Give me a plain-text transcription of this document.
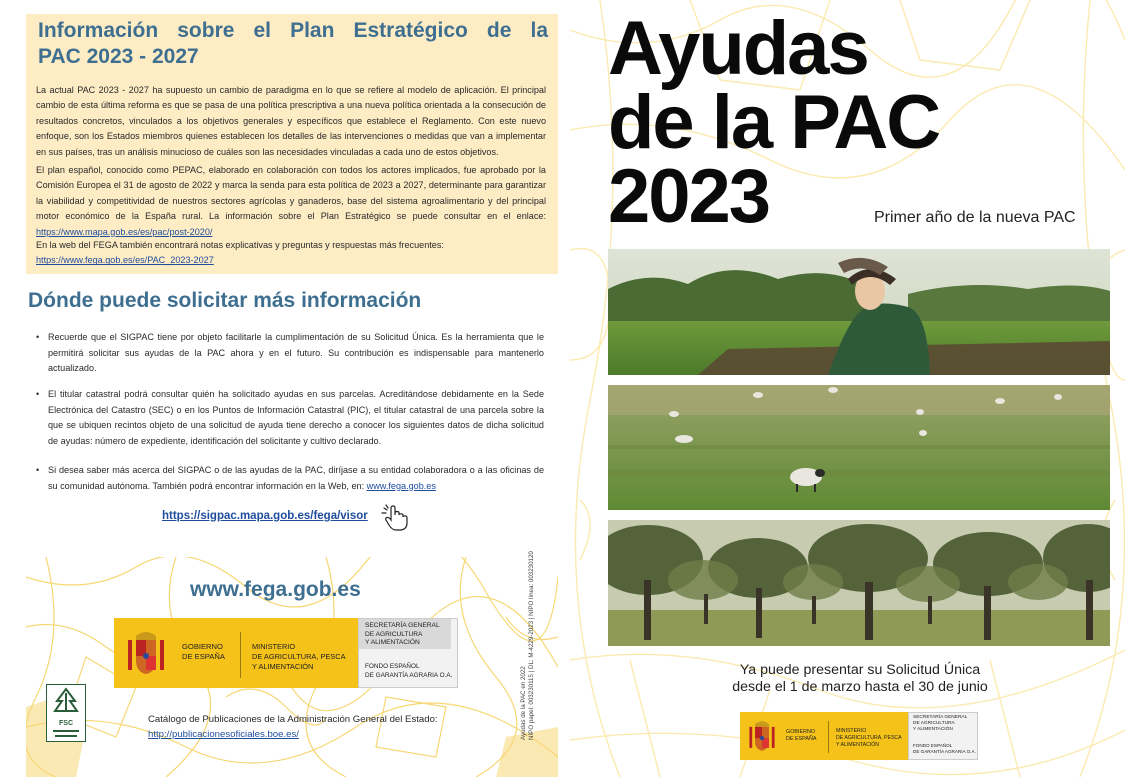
Información sobre el Plan Estratégico de la
PAC 2023 - 2027
La actual PAC 2023 - 2027 ha supuesto un cambio de paradigma en lo que se refiere al modelo de aplicación. El principal cambio de esta última reforma es que se pasa de una política prescriptiva a una nueva política orientada a la consecución de resultados concretos, vinculados a los objetivos generales y específicos que establece el Reglamento. Con este nuevo enfoque, son los Estados miembros quienes establecen los detalles de las intervenciones o medidas que van a implementar en sus países, tras un análisis minucioso de cuáles son las necesidades vinculadas a cada uno de estos objetivos.
El plan español, conocido como PEPAC, elaborado en colaboración con todos los actores implicados, fue aprobado por la Comisión Europea el 31 de agosto de 2022 y marca la senda para esta política de 2023 a 2027, determinante para garantizar la viabilidad y competitividad de nuestros sectores agrícolas y ganaderos, base del sistema agroalimentario y del principal motor económico de la España rural. La información sobre el Plan Estratégico se puede consultar en el enlace: https://www.mapa.gob.es/es/pac/post-2020/
En la web del FEGA también encontrará notas explicativas y preguntas y respuestas más frecuentes:
https://www.fega.gob.es/es/PAC_2023-2027
Dónde puede solicitar más información
• Recuerde que el SIGPAC tiene por objeto facilitarle la cumplimentación de su Solicitud Única. Es la herramienta que le permitirá solicitar sus ayudas de la PAC ahora y en el futuro. Su contribución es indispensable para mantenerlo actualizado.
• El titular catastral podrá consultar quién ha solicitado ayudas en sus parcelas. Acreditándose debidamente en la Sede Electrónica del Catastro (SEC) o en los Puntos de Información Catastral (PIC), el titular catastral de una parcela sobre la que se ubiquen recintos objeto de una solicitud de ayuda tiene derecho a conocer los siguientes datos de dicha solicitud de ayudas: número de expediente, identificación del solicitante y cultivo declarado.
• Si desea saber más acerca del SIGPAC o de las ayudas de la PAC, diríjase a su entidad colaboradora o a las oficinas de su comunidad autónoma. También podrá encontrar información en la Web, en: www.fega.gob.es
https://sigpac.mapa.gob.es/fega/visor
www.fega.gob.es
GOBIERNO
DE ESPAÑA
MINISTERIO
DE AGRICULTURA, PESCA
Y ALIMENTACIÓN
SECRETARÍA GENERAL
DE AGRICULTURA
Y ALIMENTACIÓN
FONDO ESPAÑOL
DE GARANTÍA AGRARIA O.A.
FSC	Catálogo de Publicaciones de la Administración General del Estado:
http://publicacionesoficiales.boe.es/	Ayudas de la PAC en 2022 NIPO papel: 003230115 | DL: M-4229-2023 | NIPO línea: 003230120
Ayudas
de la PAC
2023	Primer año de la nueva PAC
Ya puede presentar su Solicitud Única
desde el 1 de marzo hasta el 30 de junio
GOBIERNO
DE ESPAÑA
MINISTERIO
DE AGRICULTURA, PESCA
Y ALIMENTACIÓN
SECRETARÍA GENERAL
DE AGRICULTURA
Y ALIMENTACIÓN
FONDO ESPAÑOL
DE GARANTÍA AGRARIA O.A.
